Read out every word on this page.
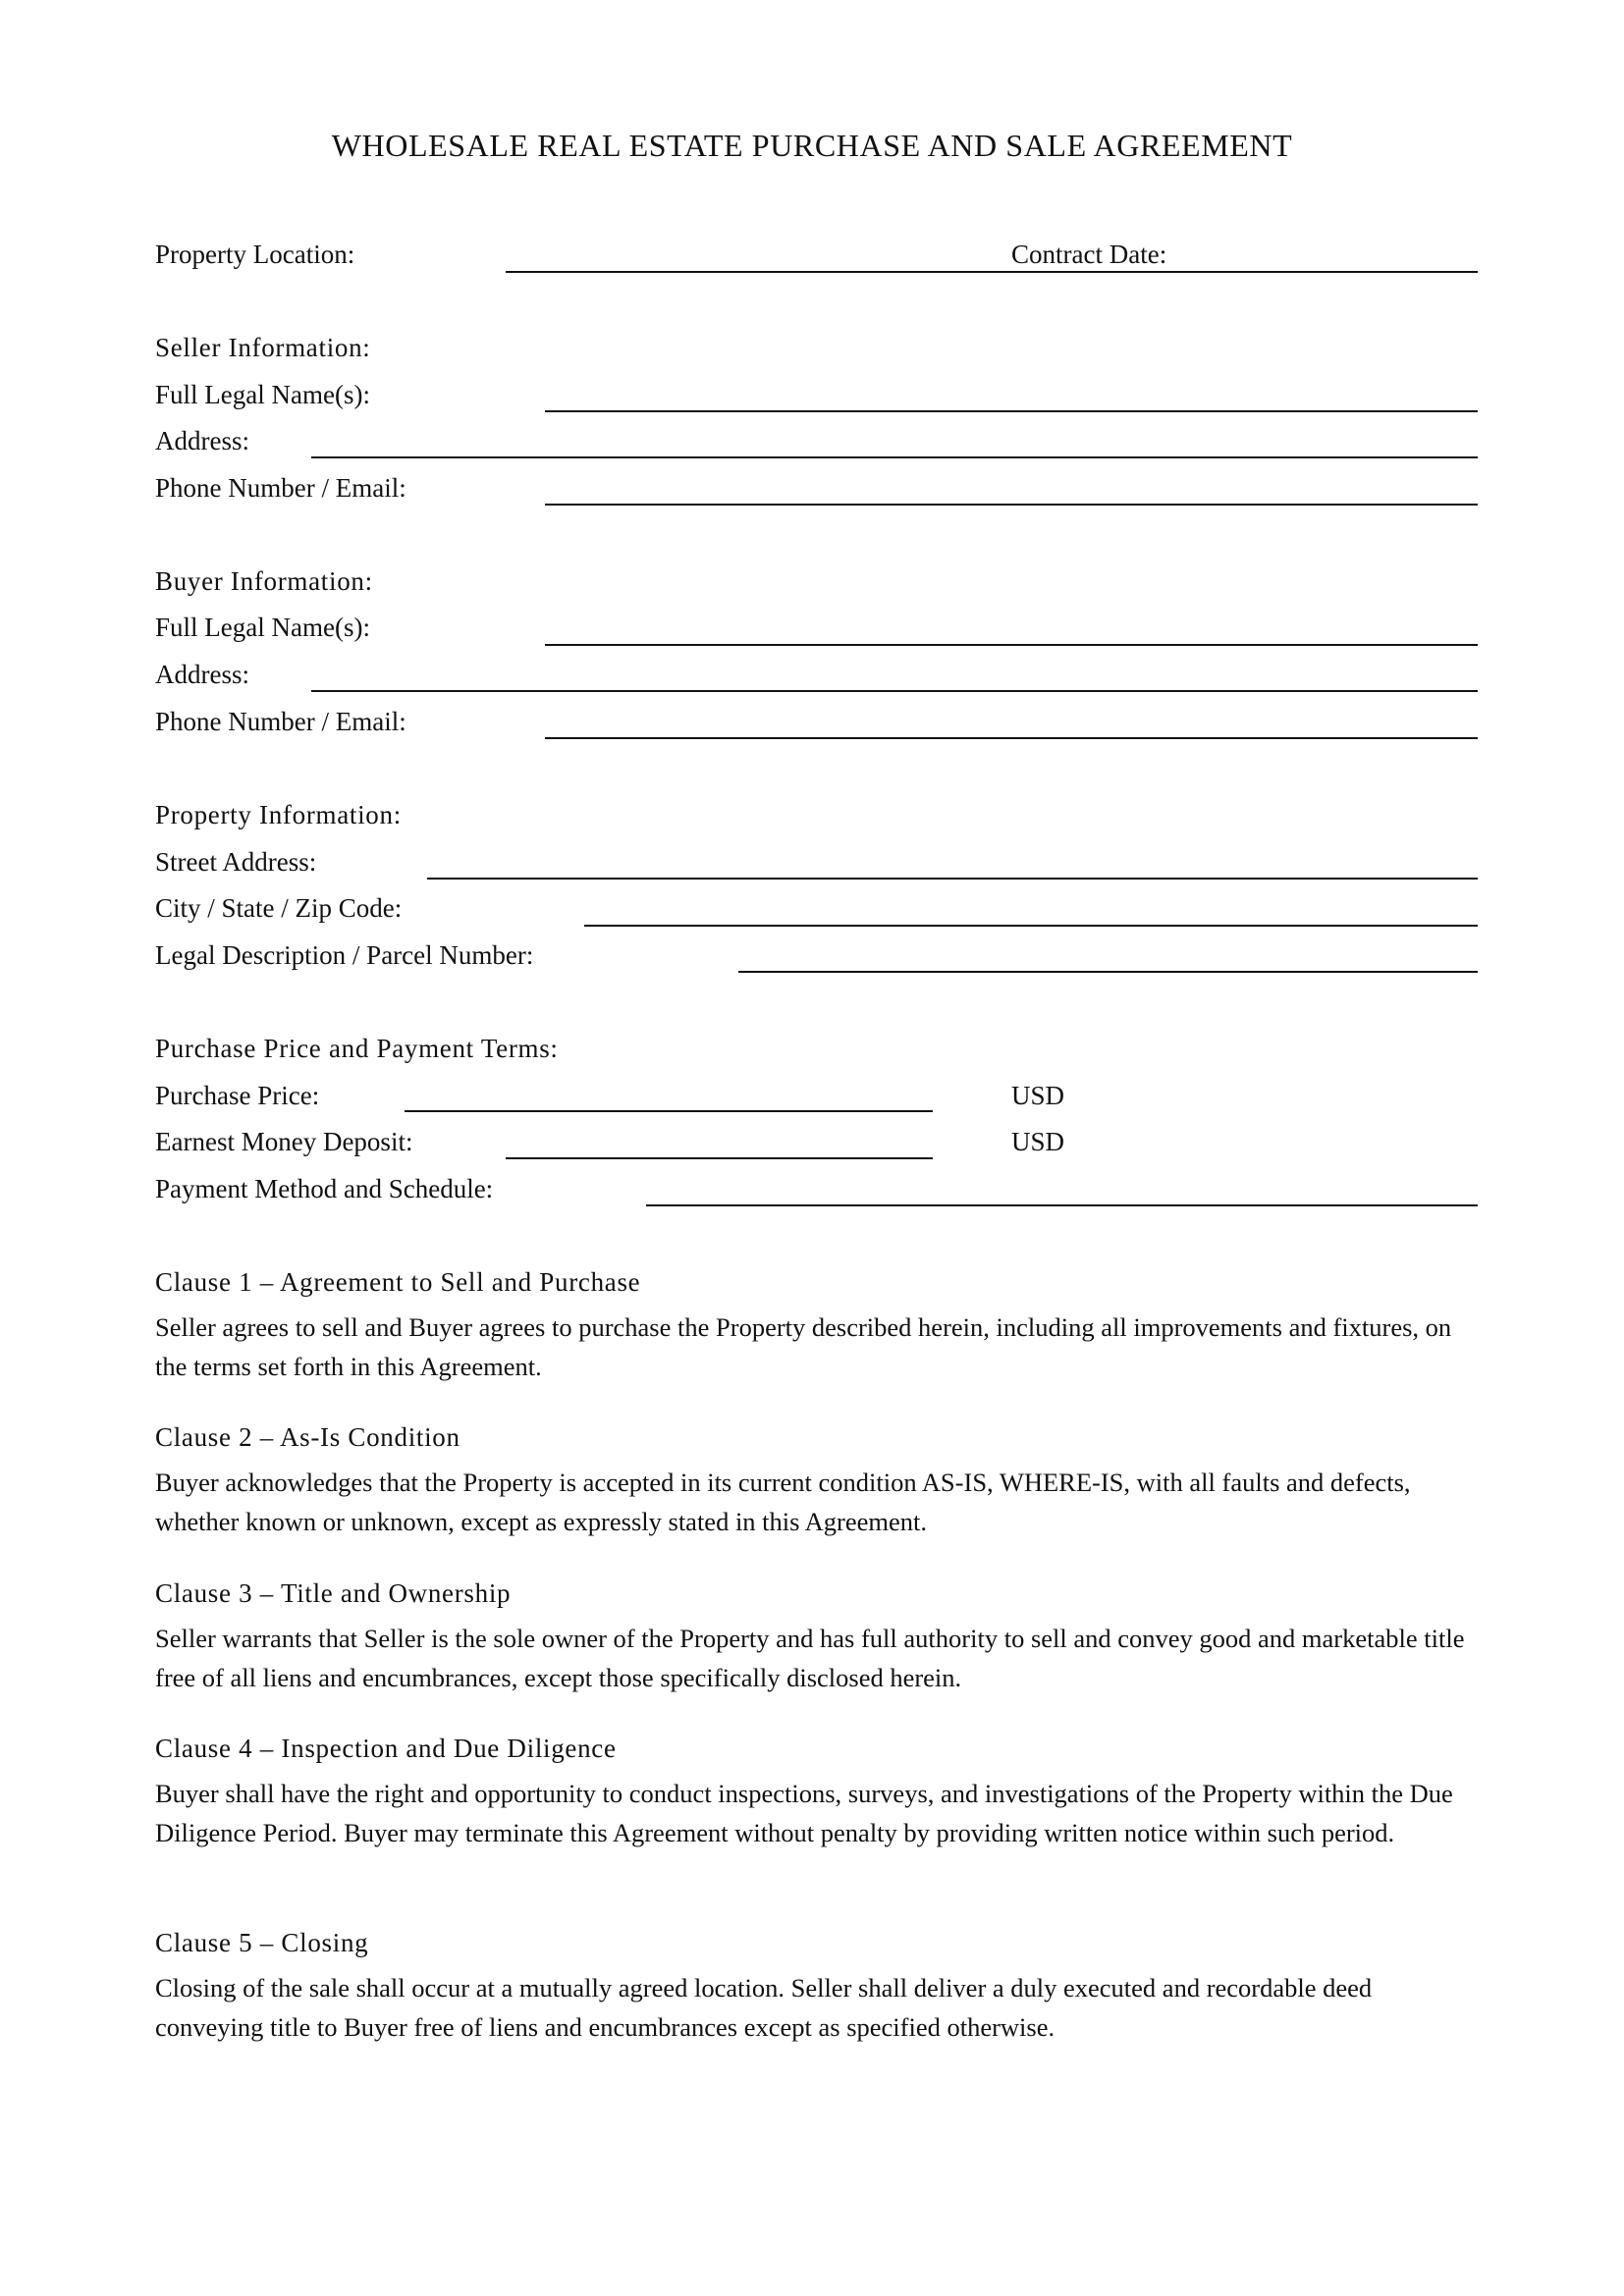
WHOLESALE REAL ESTATE PURCHASE AND SALE AGREEMENT
Property Location:	Contract Date:
Seller Information:
Full Legal Name(s):
Address:
Phone Number / Email:
Buyer Information:
Full Legal Name(s):
Address:
Phone Number / Email:
Property Information:
Street Address:
City / State / Zip Code:
Legal Description / Parcel Number:
Purchase Price and Payment Terms:
Purchase Price:	USD
Earnest Money Deposit:	USD
Payment Method and Schedule:
Clause 1 – Agreement to Sell and Purchase
Seller agrees to sell and Buyer agrees to purchase the Property described herein, including all improvements and fixtures, on the terms set forth in this Agreement.
Clause 2 – As-Is Condition
Buyer acknowledges that the Property is accepted in its current condition AS-IS, WHERE-IS, with all faults and defects, whether known or unknown, except as expressly stated in this Agreement.
Clause 3 – Title and Ownership
Seller warrants that Seller is the sole owner of the Property and has full authority to sell and convey good and marketable title free of all liens and encumbrances, except those specifically disclosed herein.
Clause 4 – Inspection and Due Diligence
Buyer shall have the right and opportunity to conduct inspections, surveys, and investigations of the Property within the Due Diligence Period. Buyer may terminate this Agreement without penalty by providing written notice within such period.
Clause 5 – Closing
Closing of the sale shall occur at a mutually agreed location. Seller shall deliver a duly executed and recordable deed conveying title to Buyer free of liens and encumbrances except as specified otherwise.
